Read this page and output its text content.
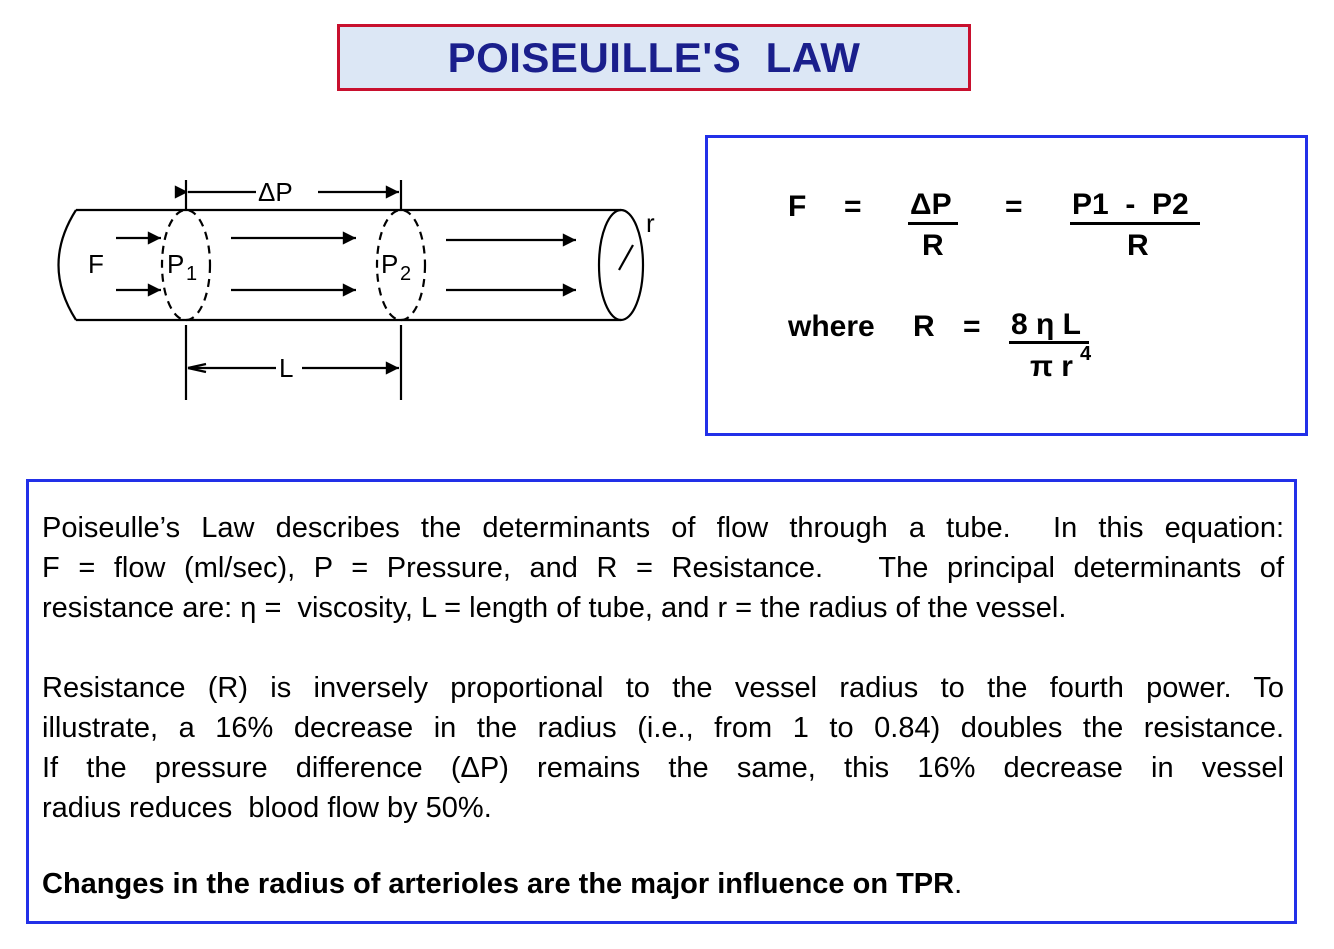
POISEUILLE'S  LAW
ΔP
F P 1	P 2
r
L
F = ΔP
R
= P1  -  P2
R
where R = 8 η L
π r 4
Poiseulle’s Law describes the determinants of flow through a tube.  In this equation:
F = flow (ml/sec), P = Pressure, and R = Resistance.   The principal determinants of
resistance are: η =  viscosity, L = length of tube, and r = the radius of the vessel.
Resistance (R) is inversely proportional to the vessel radius to the fourth power. To
illustrate, a 16% decrease in the radius (i.e., from 1 to 0.84) doubles the resistance.
If the pressure difference (ΔP) remains the same, this 16% decrease in vessel
radius reduces  blood flow by 50%.
Changes in the radius of arterioles are the major influence on TPR.
